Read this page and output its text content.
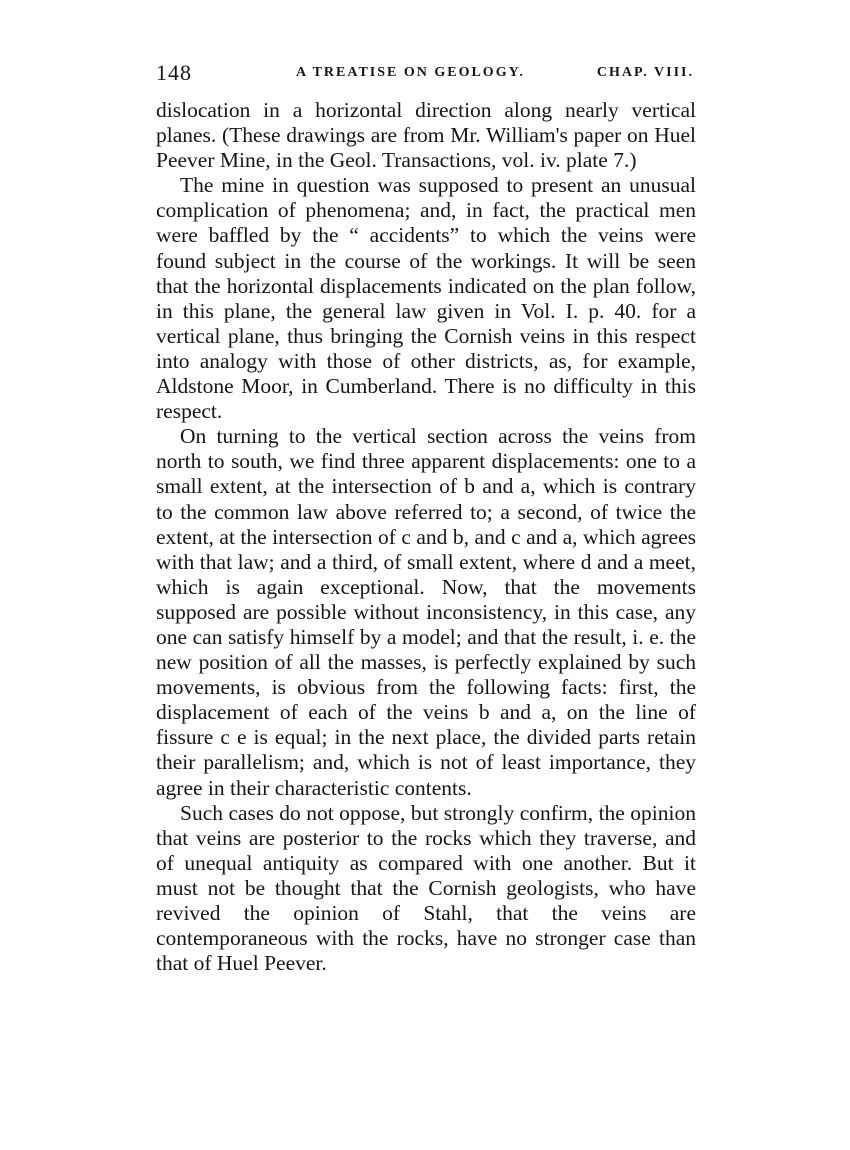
148	A TREATISE ON GEOLOGY.	CHAP. VIII.

dislocation in a horizontal direction along nearly vertical planes. (These drawings are from Mr. William's paper on Huel Peever Mine, in the Geol. Transactions, vol. iv. plate 7.)

The mine in question was supposed to present an unusual complication of phenomena; and, in fact, the practical men were baffled by the “ accidents” to which the veins were found subject in the course of the workings. It will be seen that the horizontal displacements indicated on the plan follow, in this plane, the general law given in Vol. I. p. 40. for a vertical plane, thus bringing the Cornish veins in this respect into analogy with those of other districts, as, for example, Aldstone Moor, in Cumberland. There is no difficulty in this respect.

On turning to the vertical section across the veins from north to south, we find three apparent displacements: one to a small extent, at the intersection of b and a, which is contrary to the common law above referred to; a second, of twice the extent, at the intersection of c and b, and c and a, which agrees with that law; and a third, of small extent, where d and a meet, which is again exceptional. Now, that the movements supposed are possible without inconsistency, in this case, any one can satisfy himself by a model; and that the result, i. e. the new position of all the masses, is perfectly explained by such movements, is obvious from the following facts: first, the displacement of each of the veins b and a, on the line of fissure c e is equal; in the next place, the divided parts retain their parallelism; and, which is not of least importance, they agree in their characteristic contents.

Such cases do not oppose, but strongly confirm, the opinion that veins are posterior to the rocks which they traverse, and of unequal antiquity as compared with one another. But it must not be thought that the Cornish geologists, who have revived the opinion of Stahl, that the veins are contemporaneous with the rocks, have no stronger case than that of Huel Peever.
